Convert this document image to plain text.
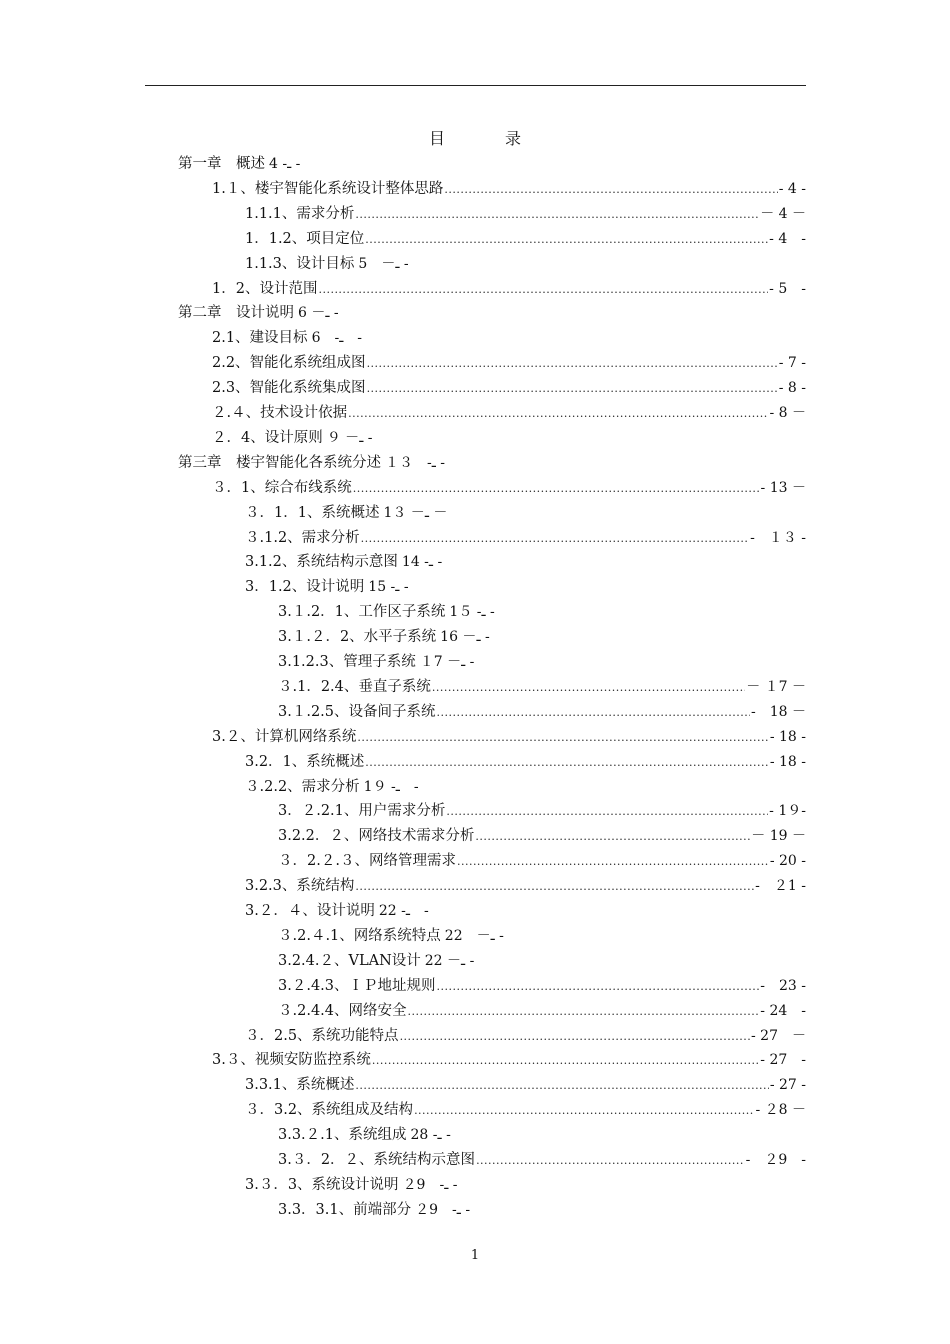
目　录
第一章　概述 4 -ـ -
1.１、楼宇智能化系统设计整体思路 .....	- 4 -
1.1.1、需求分析 .....	－ 4 －
1．1.2、项目定位 .....	- 4　-
1.1.3、设计目标 5　－ـ -
1．2、设计范围 .....	- 5　-
第二章　设计说明 6 －ـ -
2.1、建设目标 6　-ـ　-
2.2、智能化系统组成图 .....	- 7 -
2.3、智能化系统集成图 .....	- 8 -
２.４、技术设计依据 .....	- 8 －
２．4、设计原则 ９ －ـ -
第三章　楼宇智能化各系统分述 １３　-ـ -
３．1、综合布线系统 .....	- 13 －
３．1．1、系统概述 1３ －ـ －
３.1.2、需求分析 .....	-　１３ -
3.1.2、系统结构示意图 14 -ـ -
3．1.2、设计说明 15 -ـ -
3.１.2．1、工作区子系统 1５ -ـ -
3.１.２．2、水平子系统 16 －ـ -
3.1.2.3、管理子系统 １7 －ـ -
３.1．2.4、垂直子系统 .....	－ １7 －
3.１.2.5、设备间子系统 .....	-　18 －
3.２、计算机网络系统 .....	- 18 -
3.2．1、系统概述 .....	- 18 -
３.2.2、需求分析 1９ -ـ　-
3．２.2.1、用户需求分析 .....	- 1９-
3.2.2．２、网络技术需求分析 .....	－ 19 －
３．2.２.３、网络管理需求 .....	- 20 -
3.2.3、系统结构 .....	-　２1 -
3.２．４、设计说明 22 -ـ　-
３.2.４.1、网络系统特点 22　－ـ -
3.2.4.２、VLAN设计 22 －ـ -
3.２.4.3、ＩＰ地址规则 .....	-　23 -
３.2.4.4、网络安全 .....	- 24　-
３．2.5、系统功能特点 .....	- 27　－
3.３、视频安防监控系统 .....	- 27　-
3.3.1、系统概述 .....	- 27 -
３．3.2、系统组成及结构 .....	- ２8 －
3.3.２.1、系统组成 28 -ـ -
3.３．2．２、系统结构示意图 .....	-　２9　-
3.３．3、系统设计说明 ２9　-ـ -
3.3．3.1、前端部分 ２9　-ـ -
1
